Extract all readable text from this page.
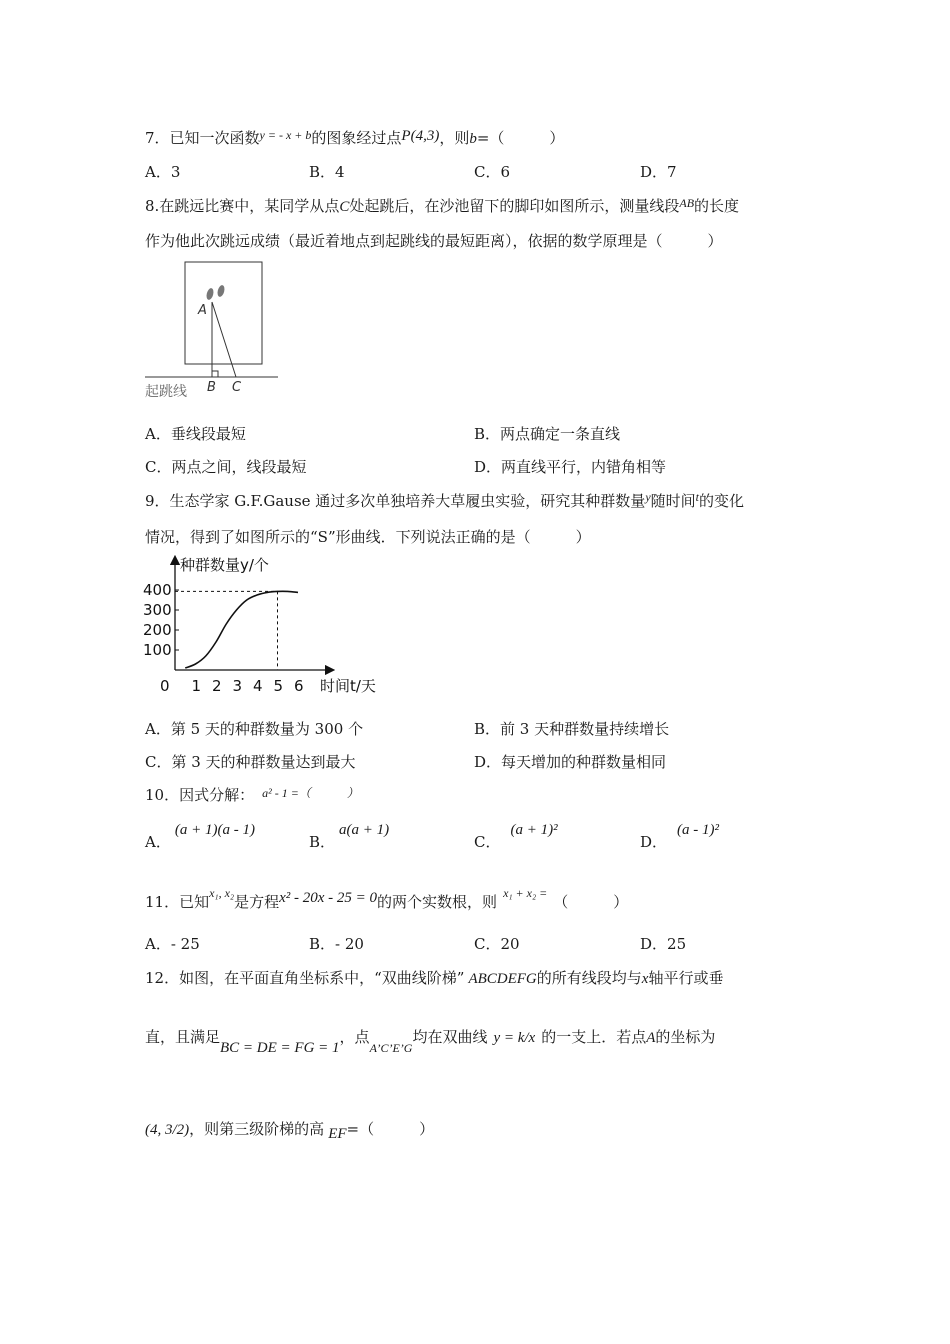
7．已知一次函数$^{y = - x + b}$的图象经过点P(4,3)，则b=（　　　）
A．3	B．4	C．6	D．7
8.在跳远比赛中，某同学从点C处起跳后，在沙池留下的脚印如图所示，测量线段$^{AB}$的长度
作为他此次跳远成绩（最近着地点到起跳线的最短距离），依据的数学原理是（　　　）
A
B C
起跳线
A．垂线段最短	B．两点确定一条直线
C．两点之间，线段最短	D．两直线平行，内错角相等
9．生态学家 G.F.Gause 通过多次单独培养大草履虫实验，研究其种群数量$^y$随时间$^t$的变化
情况，得到了如图所示的“S”形曲线．下列说法正确的是（　　　）
种群数量y/个
时间t/天
0 1 2 3 4 5 6
100
200
300
400
A．第 5 天的种群数量为 300 个	B．前 3 天种群数量持续增长
C．第 3 天的种群数量达到最大	D．每天增加的种群数量相同
10．因式分解： $^{a^2 - 1 =( )}$
A．(a + 1)(a - 1)
B．a(a + 1)
C．(a + 1)²
D．(a - 1)²
11．已知$^{x_1, x_2}$是方程x² - 20x - 25 = 0的两个实数根，则 $^{x_1 + x_2 =}$ （　　　）
A．- 25	B．- 20	C．20	D．25
12．如图，在平面直角坐标系中，“双曲线阶梯” ABCDEFG的所有线段均与x轴平行或垂
直，且满足BC = DE = FG = 1，点$_{A’C’E’G}$均在双曲线 y = k/x 的一支上．若点A的坐标为
(4, 3/2)，则第三级阶梯的高 EF=（　　　）
